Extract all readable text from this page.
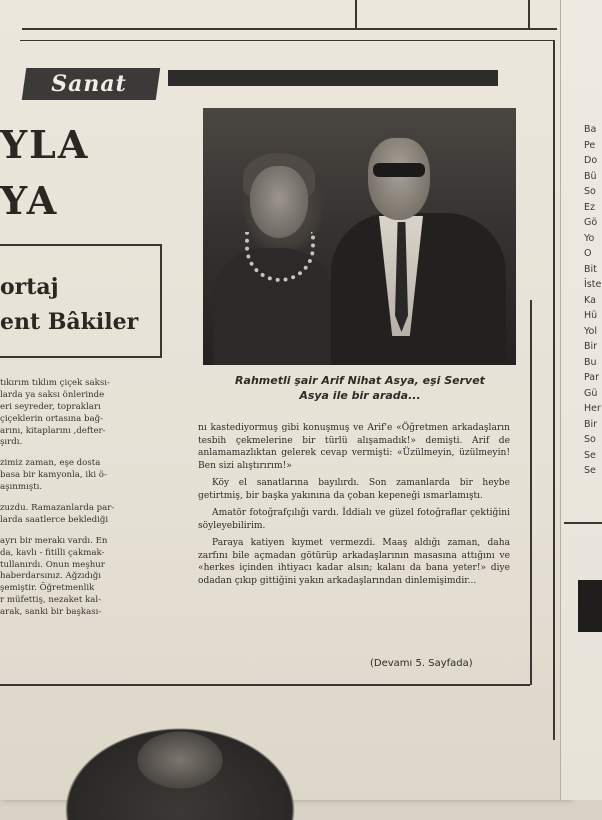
Sanat
YLA
YA
ortaj
ent Bâkiler
Rahmetli şair Arif Nihat Asya, eşi Servet
Asya ile bir arada...
tıkırım tıklım çiçek saksı-
larda ya saksı önlerinde
eri seyreder, toprakları
çiçeklerin ortasına bağ-
arını, kitaplarını ,defter-
şırdı.
zimiz zaman, eşe dosta
basa bir kamyonla, iki ö-
aşınmıştı.
zuzdu. Ramazanlarda par-
larda saatlerce beklediği
ayrı bir merakı vardı. En
da, kavlı - fitilli çakmak-
tullanırdı. Onun meşhur
haberdarsınız. Ağzıdığı
şemiştir. Öğretmenlik
r müfettiş, nezaket kal-
arak, sanki bir başkası-

nı kastediyormuş gibi konuşmuş ve Arif'e «Öğretmen arkadaşların tesbih çekmelerine bir türlü alışamadık!» demişti. Arif de anlamamazlıktan gelerek cevap vermişti: «Üzülmeyin, üzülmeyin! Ben sizi alıştırırım!»

Köy el sanatlarına bayılırdı. Son zamanlarda bir heybe getirtmiş, bir başka yakınına da çoban kepeneği ısmarlamıştı.

Amatör fotoğrafçılığı vardı. İddialı ve güzel fotoğraflar çektiğini söyleyebilirim.

Paraya katiyen kıymet vermezdi. Maaş aldığı zaman, daha zarfını bile açmadan götürüp arkadaşlarının masasına attığını ve «herkes içinden ihtiyacı kadar alsın; kalanı da bana yeter!» diye odadan çıkıp gittiğini yakın arkadaşlarından dinlemişimdir...

(Devamı 5. Sayfada)
Ba
Pe
Do
Bü
So
Ez
Gö
Yo
O
Bit
İste
Ka
Hü
Yol
Bir
Bu
Par
Gü
Her
Bir
So
Se
Se
